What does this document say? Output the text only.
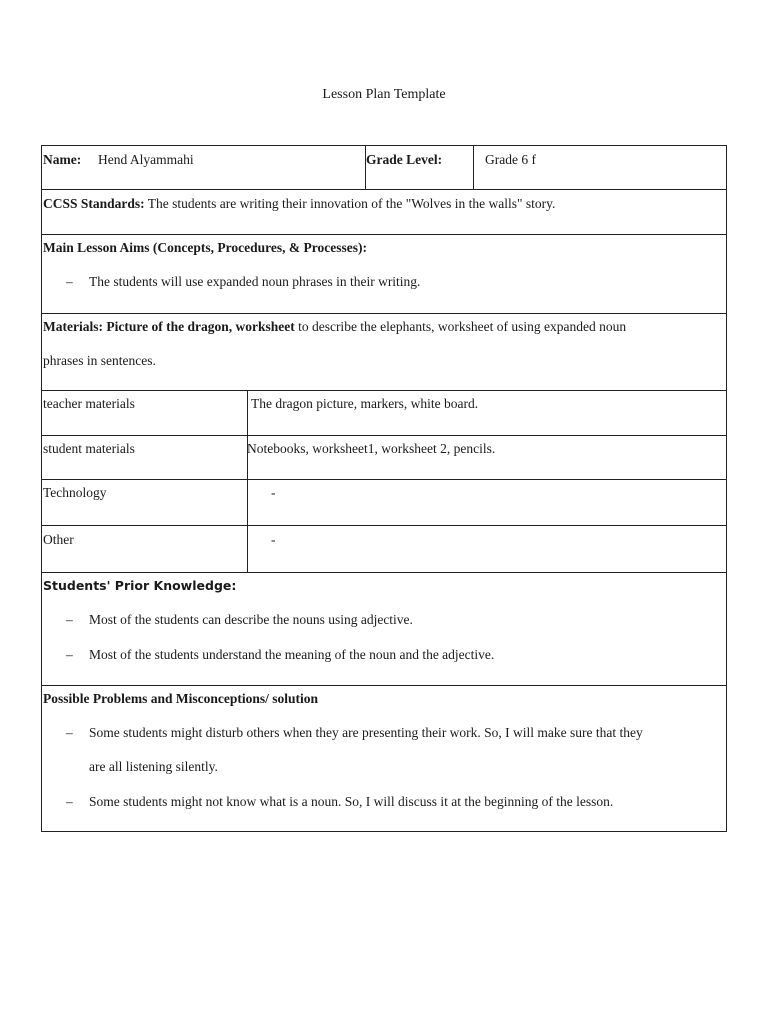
Lesson Plan Template
Name: Hend Alyammahi	Grade Level:	Grade 6 f
CCSS Standards: The students are writing their innovation of the "Wolves in the walls" story.
Main Lesson Aims (Concepts, Procedures, & Processes):
– The students will use expanded noun phrases in their writing.
Materials: Picture of the dragon, worksheet to describe the elephants, worksheet of using expanded noun
phrases in sentences.
teacher materials	The dragon picture, markers, white board.
student materials	Notebooks, worksheet1, worksheet 2, pencils.
Technology	-
Other	-
Students' Prior Knowledge:
– Most of the students can describe the nouns using adjective.
– Most of the students understand the meaning of the noun and the adjective.
Possible Problems and Misconceptions/ solution
– Some students might disturb others when they are presenting their work. So, I will make sure that they
are all listening silently.
– Some students might not know what is a noun. So, I will discuss it at the beginning of the lesson.
